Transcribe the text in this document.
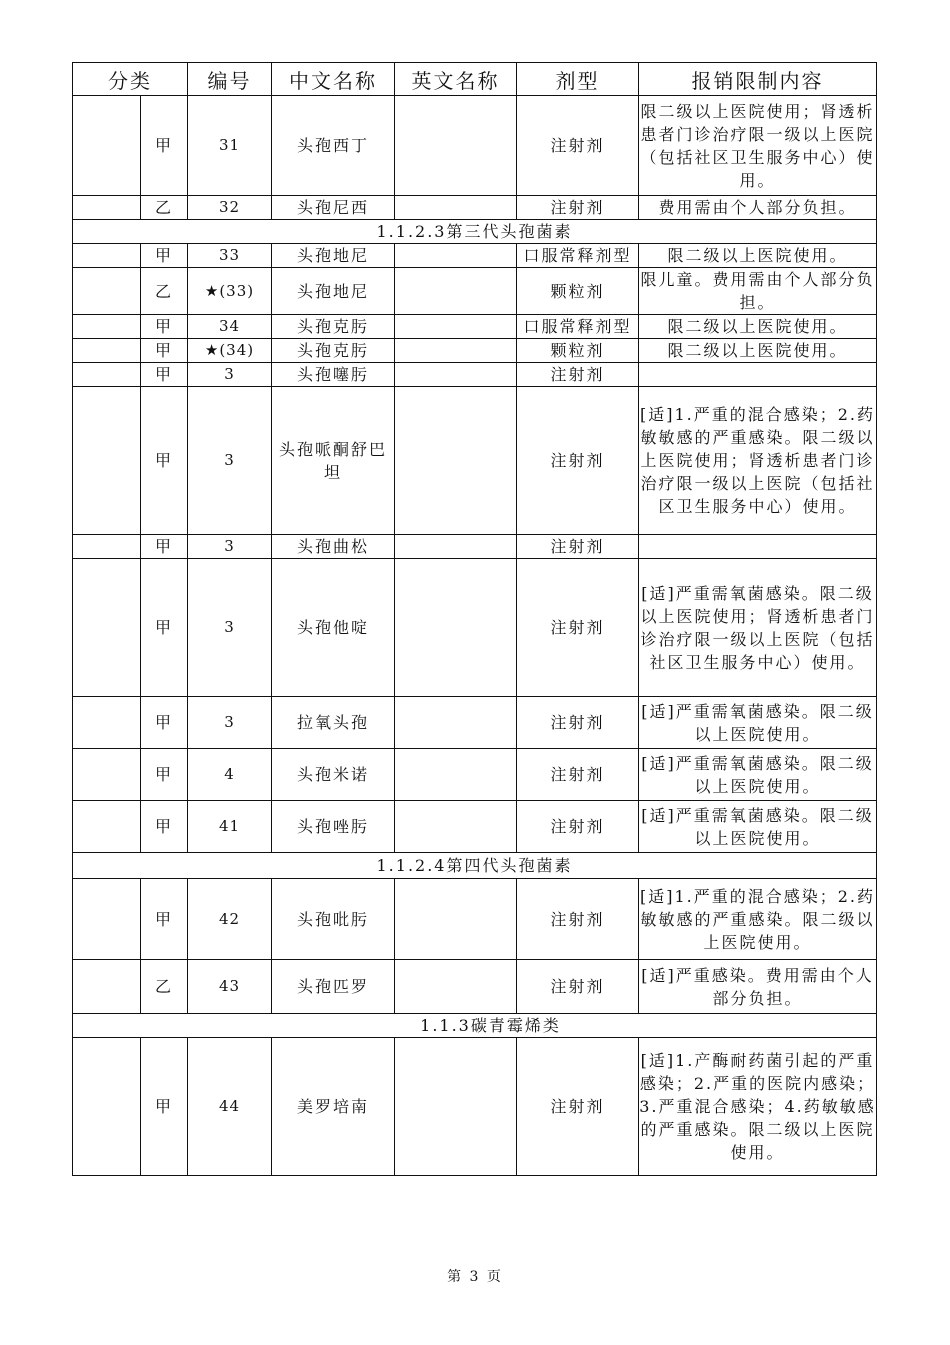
分类		编号	中文名称	英文名称	剂型	报销限制内容
	甲	31	头孢西丁		注射剂	限二级以上医院使用；肾透析患者门诊治疗限一级以上医院（包括社区卫生服务中心）使用。
	乙	32	头孢尼西		注射剂	费用需由个人部分负担。
1.1.2.3第三代头孢菌素						
	甲	33	头孢地尼		口服常释剂型	限二级以上医院使用。
	乙	★(33)	头孢地尼		颗粒剂	限儿童。费用需由个人部分负担。
	甲	34	头孢克肟		口服常释剂型	限二级以上医院使用。
	甲	★(34)	头孢克肟		颗粒剂	限二级以上医院使用。
	甲	3	头孢噻肟		注射剂	
	甲	3	头孢哌酮舒巴坦		注射剂	[适]1.严重的混合感染；2.药敏敏感的严重感染。限二级以上医院使用；肾透析患者门诊治疗限一级以上医院（包括社区卫生服务中心）使用。
	甲	3	头孢曲松		注射剂	
	甲	3	头孢他啶		注射剂	[适]严重需氧菌感染。限二级以上医院使用；肾透析患者门诊治疗限一级以上医院（包括社区卫生服务中心）使用。
	甲	3	拉氧头孢		注射剂	[适]严重需氧菌感染。限二级以上医院使用。
	甲	4	头孢米诺		注射剂	[适]严重需氧菌感染。限二级以上医院使用。
	甲	41	头孢唑肟		注射剂	[适]严重需氧菌感染。限二级以上医院使用。
1.1.2.4第四代头孢菌素						
	甲	42	头孢吡肟		注射剂	[适]1.严重的混合感染；2.药敏敏感的严重感染。限二级以上医院使用。
	乙	43	头孢匹罗		注射剂	[适]严重感染。费用需由个人部分负担。
1.1.3碳青霉烯类						
	甲	44	美罗培南		注射剂	[适]1.产酶耐药菌引起的严重感染；2.严重的医院内感染；3.严重混合感染；4.药敏敏感的严重感染。限二级以上医院使用。
第 3 页
